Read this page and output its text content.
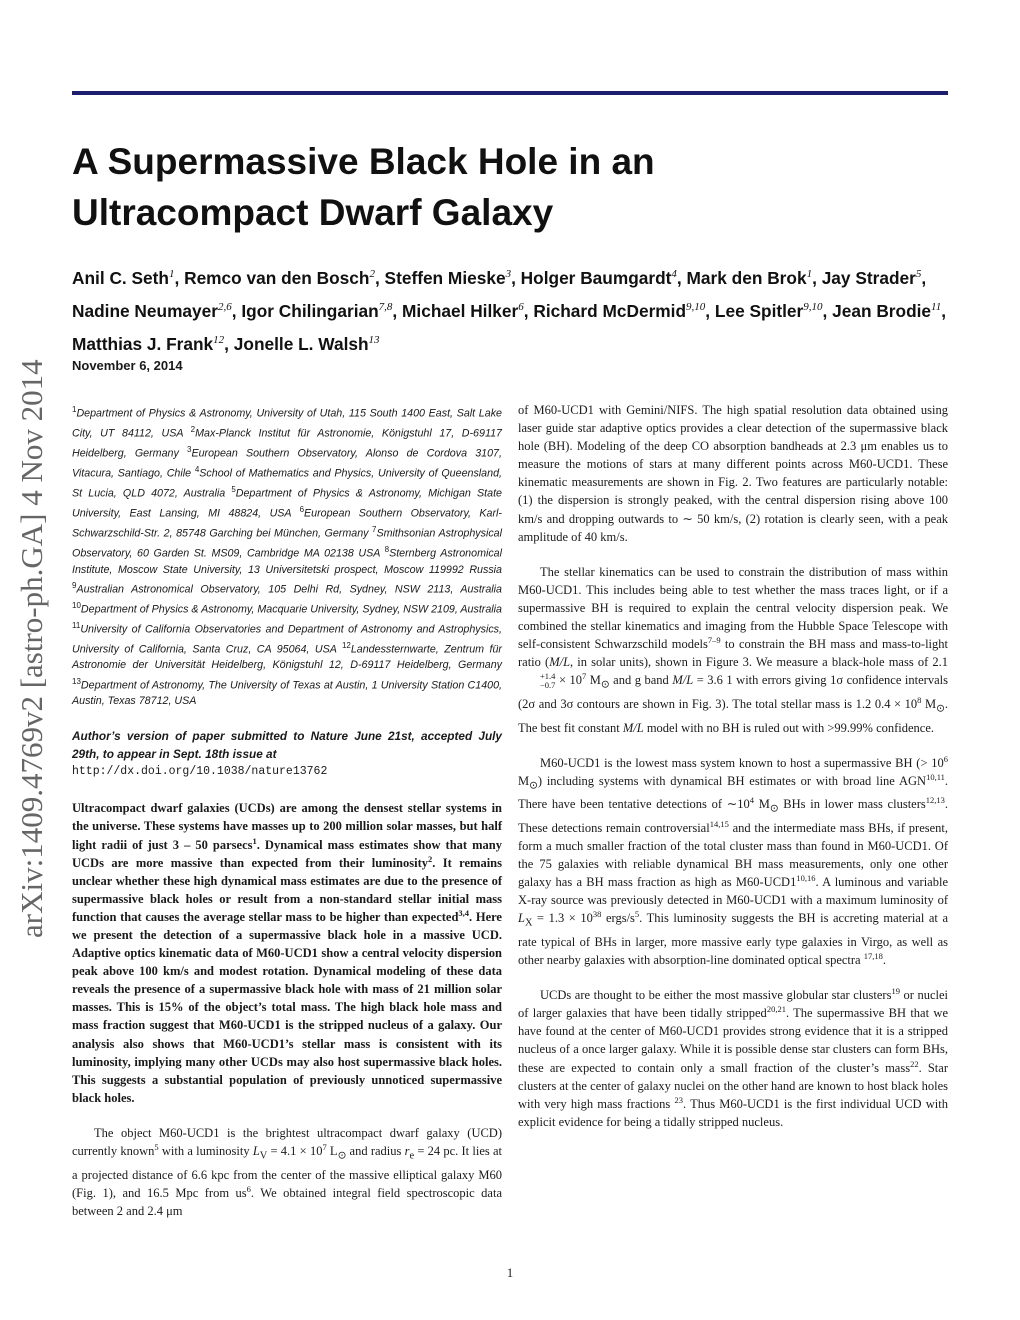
arXiv:1409.4769v2 [astro-ph.GA] 4 Nov 2014
A Supermassive Black Hole in an Ultracompact Dwarf Galaxy

Anil C. Seth$^1$, Remco van den Bosch$^2$, Steffen Mieske$^3$, Holger Baumgardt$^4$, Mark den Brok$^1$, Jay Strader$^5$, Nadine Neumayer$^{2,6}$, Igor Chilingarian$^{7,8}$, Michael Hilker$^6$, Richard McDermid$^{9,10}$, Lee Spitler$^{9,10}$, Jean Brodie$^{11}$, Matthias J. Frank$^{12}$, Jonelle L. Walsh$^{13}$

November 6, 2014

$^1$Department of Physics & Astronomy, University of Utah, 115 South 1400 East, Salt Lake City, UT 84112, USA $^2$Max-Planck Institut für Astronomie, Königstuhl 17, D-69117 Heidelberg, Germany $^3$European Southern Observatory, Alonso de Cordova 3107, Vitacura, Santiago, Chile $^4$School of Mathematics and Physics, University of Queensland, St Lucia, QLD 4072, Australia $^5$Department of Physics & Astronomy, Michigan State University, East Lansing, MI 48824, USA $^6$European Southern Observatory, Karl-Schwarzschild-Str. 2, 85748 Garching bei München, Germany $^7$Smithsonian Astrophysical Observatory, 60 Garden St. MS09, Cambridge MA 02138 USA $^8$Sternberg Astronomical Institute, Moscow State University, 13 Universitetski prospect, Moscow 119992 Russia $^9$Australian Astronomical Observatory, 105 Delhi Rd, Sydney, NSW 2113, Australia $^{10}$Department of Physics & Astronomy, Macquarie University, Sydney, NSW 2109, Australia $^{11}$University of California Observatories and Department of Astronomy and Astrophysics, University of California, Santa Cruz, CA 95064, USA $^{12}$Landessternwarte, Zentrum für Astronomie der Universität Heidelberg, Königstuhl 12, D-69117 Heidelberg, Germany $^{13}$Department of Astronomy, The University of Texas at Austin, 1 University Station C1400, Austin, Texas 78712, USA

Author’s version of paper submitted to Nature June 21st, accepted July 29th, to appear in Sept. 18th issue at
http://dx.doi.org/10.1038/nature13762

Ultracompact dwarf galaxies (UCDs) are among the densest stellar systems in the universe. These systems have masses up to 200 million solar masses, but half light radii of just 3 – 50 parsecs$^1$. Dynamical mass estimates show that many UCDs are more massive than expected from their luminosity$^2$. It remains unclear whether these high dynamical mass estimates are due to the presence of supermassive black holes or result from a non-standard stellar initial mass function that causes the average stellar mass to be higher than expected$^{3,4}$. Here we present the detection of a supermassive black hole in a massive UCD. Adaptive optics kinematic data of M60-UCD1 show a central velocity dispersion peak above 100 km/s and modest rotation. Dynamical modeling of these data reveals the presence of a supermassive black hole with mass of 21 million solar masses. This is 15% of the object’s total mass. The high black hole mass and mass fraction suggest that M60-UCD1 is the stripped nucleus of a galaxy. Our analysis also shows that M60-UCD1’s stellar mass is consistent with its luminosity, implying many other UCDs may also host supermassive black holes. This suggests a substantial population of previously unnoticed supermassive black holes.

The object M60-UCD1 is the brightest ultracompact dwarf galaxy (UCD) currently known$^5$ with a luminosity $L_V = 4.1 \times 10^7$ $L_⊙$ and radius $r_e = 24$ pc. It lies at a projected distance of 6.6 kpc from the center of the massive elliptical galaxy M60 (Fig. 1), and 16.5 Mpc from $us^6$. We obtained integral field spectroscopic data between 2 and 2.4 μm

of M60-UCD1 with Gemini/NIFS. The high spatial resolution data obtained using laser guide star adaptive optics provides a clear detection of the supermassive black hole (BH). Modeling of the deep CO absorption bandheads at 2.3 μm enables us to measure the motions of stars at many different points across M60-UCD1. These kinematic measurements are shown in Fig. 2. Two features are particularly notable: (1) the dispersion is strongly peaked, with the central dispersion rising above 100 km/s and dropping outwards to ∼ 50 km/s, (2) rotation is clearly seen, with a peak amplitude of 40 km/s.

The stellar kinematics can be used to constrain the distribution of mass within M60-UCD1. This includes being able to test whether the mass traces light, or if a supermassive BH is required to explain the central velocity dispersion peak. We combined the stellar kinematics and imaging from the Hubble Space Telescope with self-consistent Schwarzschild models$^{7-9}$ to constrain the BH mass and mass-to-light ratio (M/L, in solar units), shown in Figure 3. We measure a black-hole mass of 2.1
+1.4
$-0.7 \times 10^7$ $M_⊙$ and g band M/L = 3.6 1 with errors giving 1σ confidence intervals (2σ and 3σ contours are shown in Fig. 3). The total stellar mass is 1.2 $0.4 \times 10^8$ $M_⊙$. The best fit constant M/L model with no BH is ruled out with >99.99% confidence.

M60-UCD1 is the lowest mass system known to host a supermassive BH (> $10^6$ $M_⊙$) including systems with dynamical BH estimates or with broad line AGN$^{10,11}$. There have been tentative detections of $\sim 10^4$ $M_⊙$ BHs in lower mass clusters$^{12,13}$. These detections remain controversial$^{14,15}$ and the intermediate mass BHs, if present, form a much smaller fraction of the total cluster mass than found in M60-UCD1. Of the 75 galaxies with reliable dynamical BH mass measurements, only one other galaxy has a BH mass fraction as high as M60-UCD1$^{10,16}$. A luminous and variable X-ray source was previously detected in M60-UCD1 with a maximum luminosity of $L_X = 1.3 \times 10^{38}$ ergs/$s^5$. This luminosity suggests the BH is accreting material at a rate typical of BHs in larger, more massive early type galaxies in Virgo, as well as other nearby galaxies with absorption-line dominated optical spectra $^{17,18}$.

UCDs are thought to be either the most massive globular star clusters$^{19}$ or nuclei of larger galaxies that have been tidally stripped$^{20,21}$. The supermassive BH that we have found at the center of M60-UCD1 provides strong evidence that it is a stripped nucleus of a once larger galaxy. While it is possible dense star clusters can form BHs, these are expected to contain only a small fraction of the cluster’s mass$^{22}$. Star clusters at the center of galaxy nuclei on the other hand are known to host black holes with very high mass fractions $^{23}$. Thus M60-UCD1 is the first individual UCD with explicit evidence for being a tidally stripped nucleus.

1
